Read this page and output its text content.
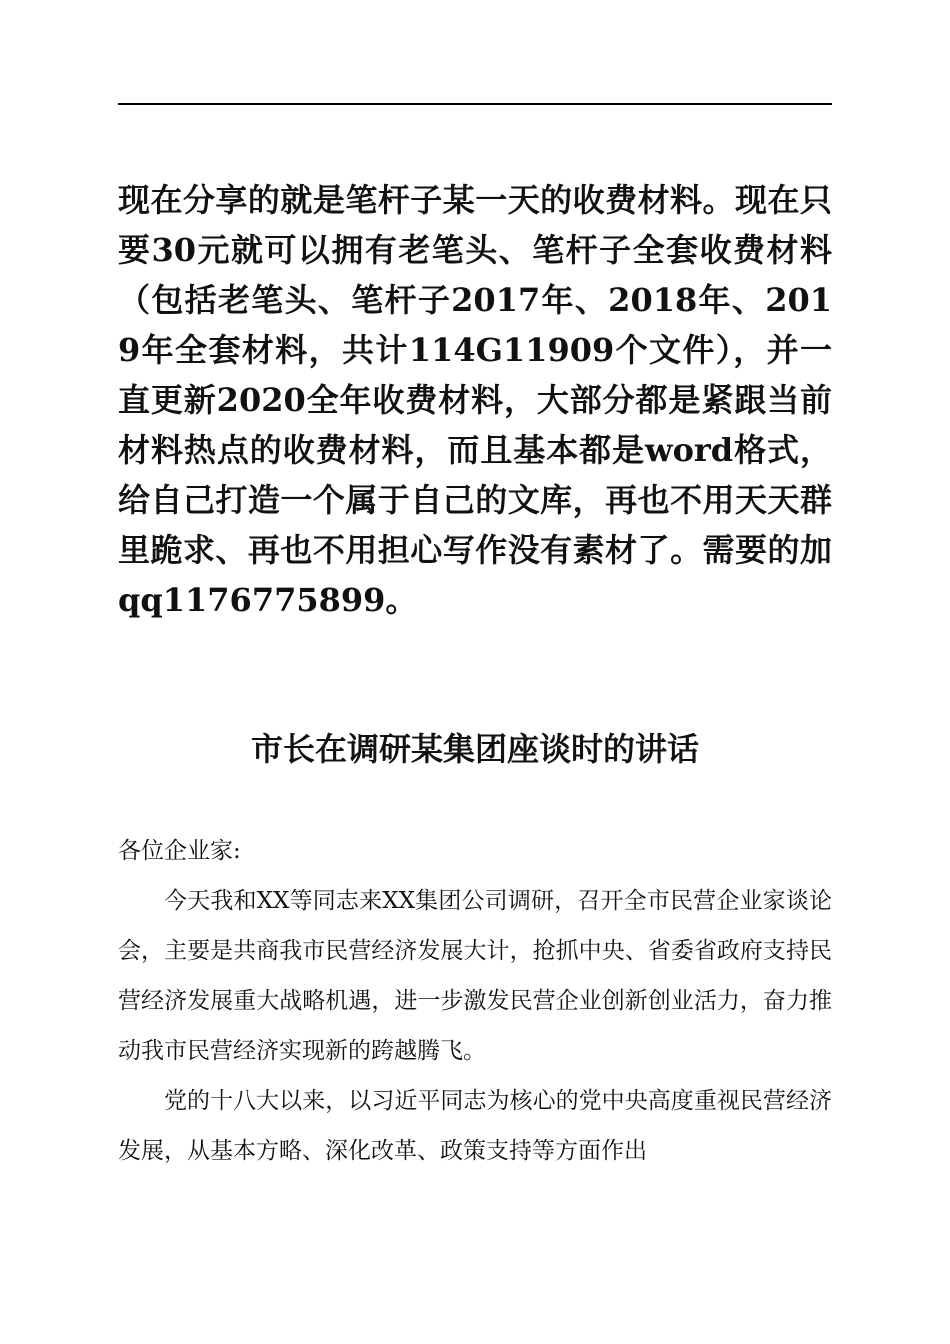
现在分享的就是笔杆子某一天的收费材料。现在只要30元就可以拥有老笔头、笔杆子全套收费材料（包括老笔头、笔杆子2017年、2018年、2019年全套材料，共计114G11909个文件），并一直更新2020全年收费材料，大部分都是紧跟当前材料热点的收费材料，而且基本都是word格式，给自己打造一个属于自己的文库，再也不用天天群里跪求、再也不用担心写作没有素材了。需要的加qq1176775899。

市长在调研某集团座谈时的讲话

各位企业家:

今天我和XX等同志来XX集团公司调研，召开全市民营企业家谈论会，主要是共商我市民营经济发展大计，抢抓中央、省委省政府支持民营经济发展重大战略机遇，进一步激发民营企业创新创业活力，奋力推动我市民营经济实现新的跨越腾飞。

党的十八大以来，以习近平同志为核心的党中央高度重视民营经济发展，从基本方略、深化改革、政策支持等方面作出
